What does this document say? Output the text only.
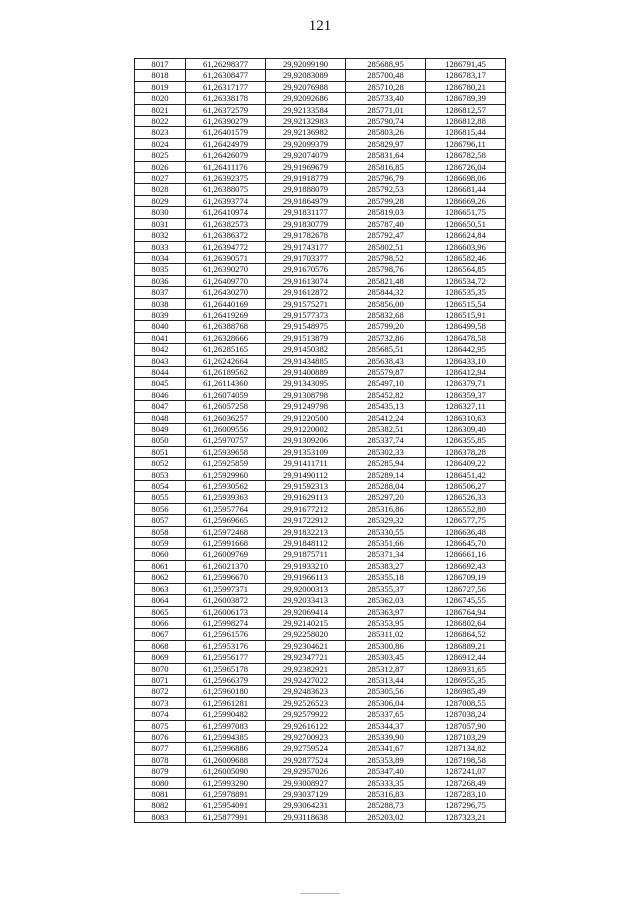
121
8017	61,26298377	29,92099190	285688,95	1286791,45
8018	61,26308477	29,92083089	285700,48	1286783,17
8019	61,26317177	29,92076988	285710,28	1286780,21
8020	61,26338178	29,92092686	285733,40	1286789,39
8021	61,26372579	29,92133584	285771,01	1286812,57
8022	61,26390279	29,92132983	285790,74	1286812,88
8023	61,26401579	29,92136982	285803,26	1286815,44
8024	61,26424979	29,92099379	285829,97	1286796,11
8025	61,26426079	29,92074079	285831,64	1286782,58
8026	61,26411176	29,91969679	285816,85	1286726,04
8027	61,26392375	29,91918779	285796,79	1286698,06
8028	61,26388075	29,91888079	285792,53	1286681,44
8029	61,26393774	29,91864979	285799,28	1286669,26
8030	61,26410974	29,91831177	285819,03	1286651,75
8031	61,26382573	29,91830779	285787,40	1286650,51
8032	61,26386372	29,91782678	285792,47	1286624,84
8033	61,26394772	29,91743177	285802,51	1286603,96
8034	61,26390571	29,91703377	285798,52	1286582,46
8035	61,26390270	29,91670576	285798,76	1286564,85
8036	61,26409770	29,91613074	285821,48	1286534,72
8037	61,26430270	29,91612872	285844,32	1286535,35
8038	61,26440169	29,91575271	285856,00	1286515,54
8039	61,26419269	29,91577373	285832,68	1286515,91
8040	61,26388768	29,91548975	285799,20	1286499,58
8041	61,26328666	29,91513879	285732,86	1286478,58
8042	61,26285165	29,91450382	285685,51	1286442,95
8043	61,26242664	29,91434885	285638,43	1286433,10
8044	61,26189562	29,91400889	285579,87	1286412,94
8045	61,26114360	29,91343095	285497,10	1286379,71
8046	61,26074059	29,91308798	285452,82	1286359,37
8047	61,26057258	29,91249798	285435,13	1286327,11
8048	61,26036257	29,91220500	285412,24	1286310,63
8049	61,26009556	29,91220002	285382,51	1286309,40
8050	61,25970757	29,91309206	285337,74	1286355,85
8051	61,25939658	29,91353109	285302,33	1286378,28
8052	61,25925859	29,91411711	285285,94	1286409,22
8053	61,25929960	29,91490112	285289,14	1286451,42
8054	61,25930562	29,91592313	285288,04	1286506,27
8055	61,25939363	29,91629113	285297,20	1286526,33
8056	61,25957764	29,91677212	285316,86	1286552,80
8057	61,25969665	29,91722912	285329,32	1286577,75
8058	61,25972468	29,91832213	285330,55	1286636,48
8059	61,25991668	29,91848112	285351,66	1286645,70
8060	61,26009769	29,91875711	285371,34	1286661,16
8061	61,26021370	29,91933210	285383,27	1286692,43
8062	61,25996670	29,91966113	285355,18	1286709,19
8063	61,25997371	29,92000313	285355,37	1286727,56
8064	61,26003872	29,92033413	285362,03	1286745,55
8065	61,26006173	29,92069414	285363,97	1286764,94
8066	61,25998274	29,92140215	285353,95	1286802,64
8067	61,25961576	29,92258020	285311,02	1286864,52
8068	61,25953176	29,92304621	285300,86	1286889,21
8069	61,25956177	29,92347721	285303,45	1286912,44
8070	61,25965178	29,92382921	285312,87	1286931,65
8071	61,25966379	29,92427022	285313,44	1286955,35
8072	61,25960180	29,92483623	285305,56	1286985,49
8073	61,25961281	29,92526523	285306,04	1287008,55
8074	61,25990482	29,92579922	285337,65	1287038,24
8075	61,25997083	29,92616122	285344,37	1287057,90
8076	61,25994385	29,92700923	285339,90	1287103,29
8077	61,25996886	29,92759524	285341,67	1287134,82
8078	61,26009688	29,92877524	285353,89	1287198,58
8079	61,26005090	29,92957026	285347,40	1287241,07
8080	61,25993290	29,93008927	285333,35	1287268,49
8081	61,25978891	29,93037129	285316,83	1287283,10
8082	61,25954091	29,93064231	285288,73	1287296,75
8083	61,25877991	29,93118638	285203,02	1287323,21
